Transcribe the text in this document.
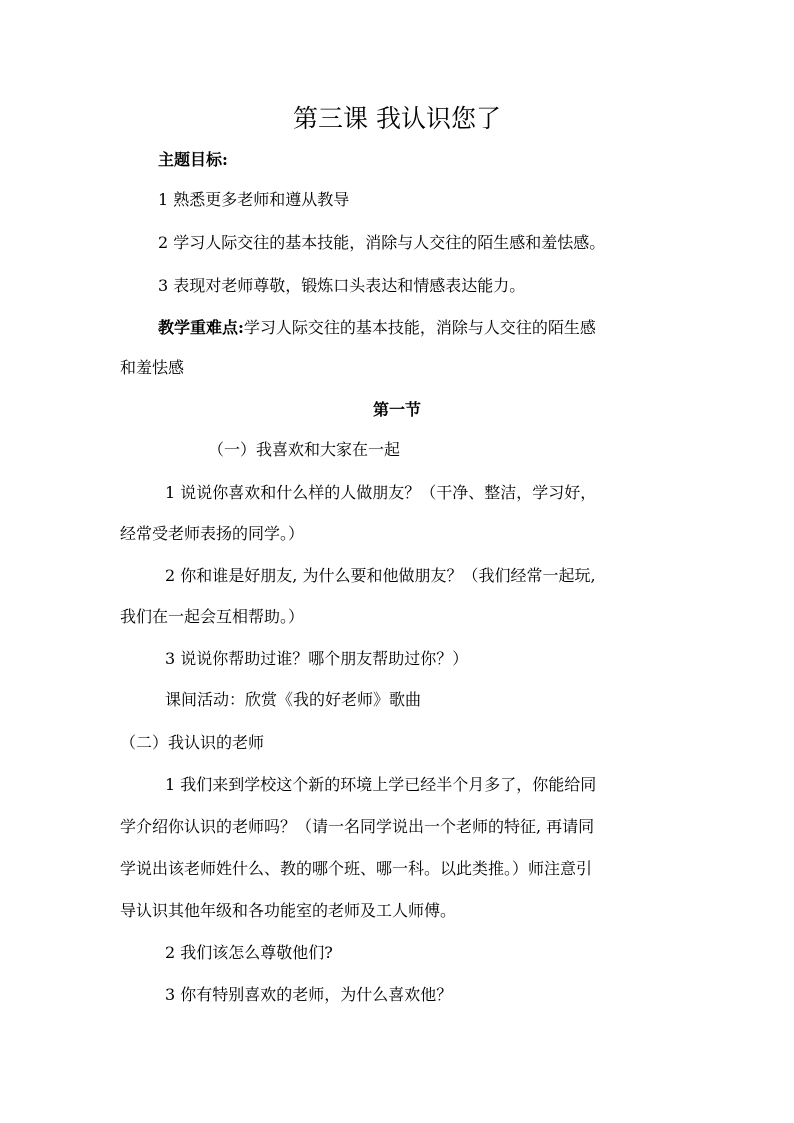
第三课 我认识您了
主题目标:
1 熟悉更多老师和遵从教导
2 学习人际交往的基本技能，消除与人交往的陌生感和羞怯感。
3 表现对老师尊敬，锻炼口头表达和情感表达能力。
教学重难点:学习人际交往的基本技能，消除与人交往的陌生感
和羞怯感
第一节
（一）我喜欢和大家在一起
1 说说你喜欢和什么样的人做朋友？（干净、整洁，学习好，
经常受老师表扬的同学。）
2 你和谁是好朋友, 为什么要和他做朋友？（我们经常一起玩,
我们在一起会互相帮助。）
3 说说你帮助过谁？哪个朋友帮助过你？）
课间活动：欣赏《我的好老师》歌曲
（二）我认识的老师
1 我们来到学校这个新的环境上学已经半个月多了，你能给同
学介绍你认识的老师吗？（请一名同学说出一个老师的特征, 再请同
学说出该老师姓什么、教的哪个班、哪一科。以此类推。）师注意引
导认识其他年级和各功能室的老师及工人师傅。
2 我们该怎么尊敬他们?
3 你有特别喜欢的老师，为什么喜欢他？
